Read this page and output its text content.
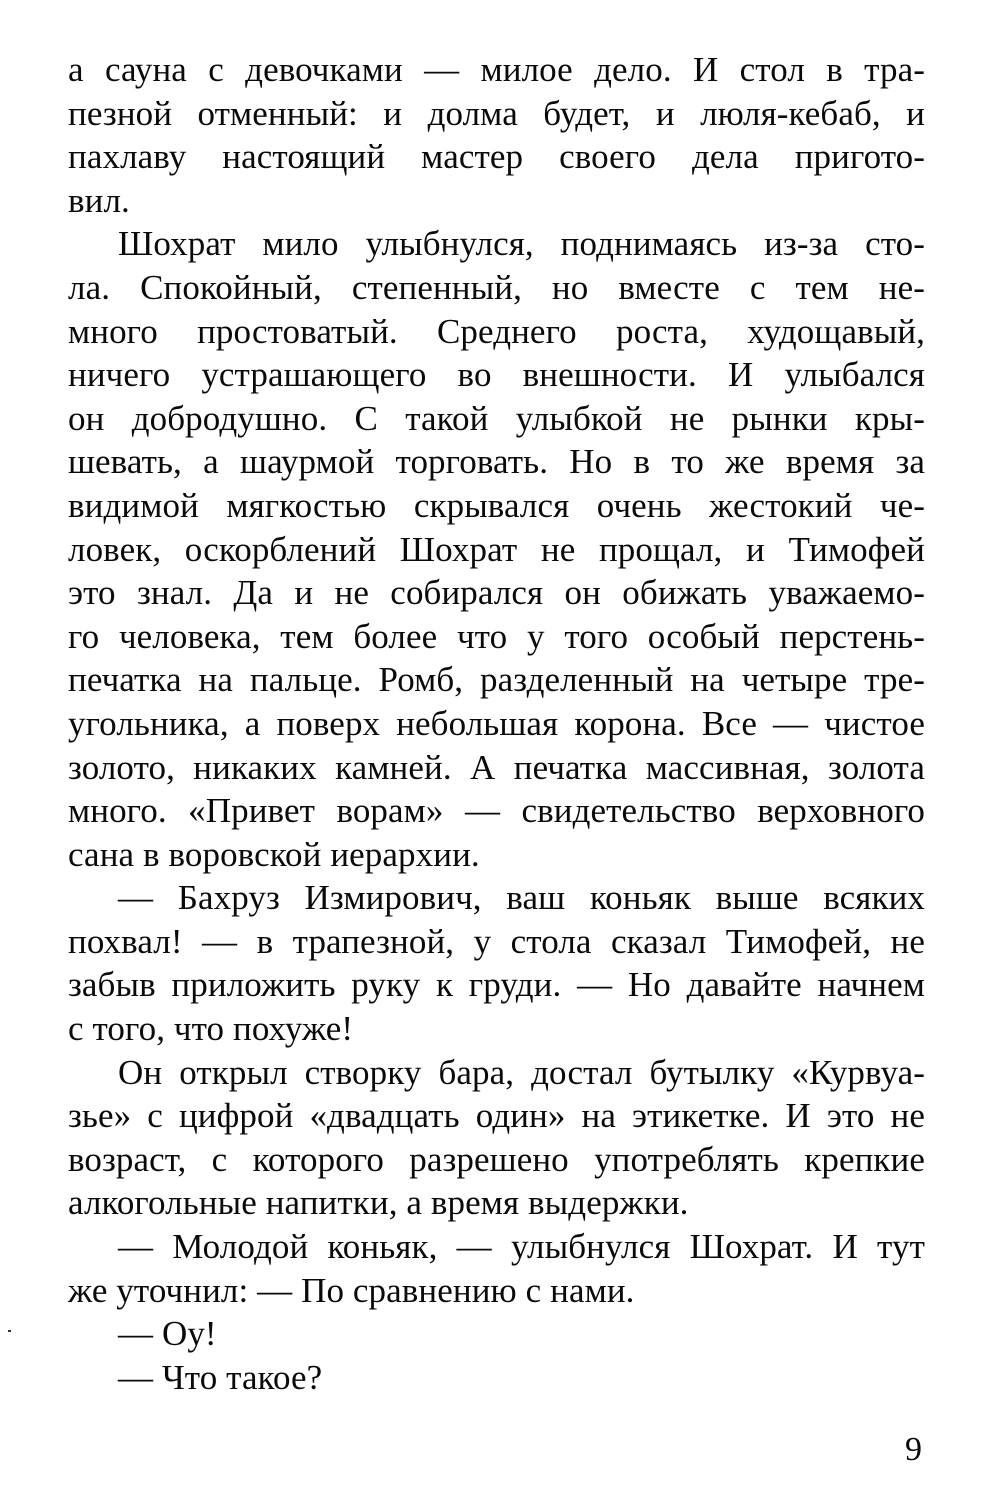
а сауна с девочками — милое дело. И стол в тра-
пезной отменный: и долма будет, и люля-кебаб, и
пахлаву настоящий мастер своего дела пригото-
вил.
Шохрат мило улыбнулся, поднимаясь из-за сто-
ла. Спокойный, степенный, но вместе с тем не-
много простоватый. Среднего роста, худощавый,
ничего устрашающего во внешности. И улыбался
он добродушно. С такой улыбкой не рынки кры-
шевать, а шаурмой торговать. Но в то же время за
видимой мягкостью скрывался очень жестокий че-
ловек, оскорблений Шохрат не прощал, и Тимофей
это знал. Да и не собирался он обижать уважаемо-
го человека, тем более что у того особый перстень-
печатка на пальце. Ромб, разделенный на четыре тре-
угольника, а поверх небольшая корона. Все — чистое
золото, никаких камней. А печатка массивная, золота
много. «Привет ворам» — свидетельство верховного
сана в воровской иерархии.
— Бахруз Измирович, ваш коньяк выше всяких
похвал! — в трапезной, у стола сказал Тимофей, не
забыв приложить руку к груди. — Но давайте начнем
с того, что похуже!
Он открыл створку бара, достал бутылку «Курвуа-
зье» с цифрой «двадцать один» на этикетке. И это не
возраст, с которого разрешено употреблять крепкие
алкогольные напитки, а время выдержки.
— Молодой коньяк, — улыбнулся Шохрат. И тут
же уточнил: — По сравнению с нами.
— Оу!
— Что такое?
9
